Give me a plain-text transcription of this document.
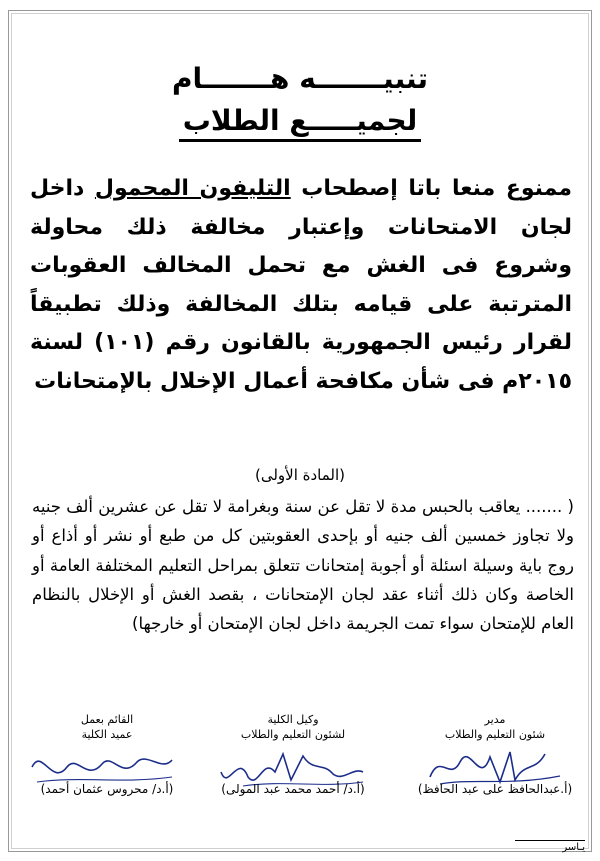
تنبيـــــــه هـــــــام
لجميـــــع الطلاب
ممنوع منعا باتا إصطحاب التليفون المحمول داخل لجان الامتحانات وإعتبار مخالفة ذلك محاولة وشروع فى الغش مع تحمل المخالف العقوبات المترتبة على قيامه بتلك المخالفة وذلك تطبيقاً لقرار رئيس الجمهورية بالقانون رقم (١٠١) لسنة ٢٠١٥م فى شأن مكافحة أعمال الإخلال بالإمتحانات
(المادة الأولى)
( ....... يعاقب بالحبس مدة لا تقل عن سنة وبغرامة لا تقل عن عشرين ألف جنيه ولا تجاوز خمسين ألف جنيه أو بإحدى العقوبتين كل من طبع أو نشر أو أذاع أو روج باية وسيلة اسئلة أو أجوبة إمتحانات تتعلق بمراحل التعليم المختلفة العامة أو الخاصة وكان ذلك أثناء عقد لجان الإمتحانات ، بقصد الغش أو الإخلال بالنظام العام للإمتحان سواء تمت الجريمة داخل لجان الإمتحان أو خارجها)
مدير
شئون التعليم والطلاب
(أ.عبدالحافظ على عبد الحافظ)
وكيل الكلية
لشئون التعليم والطلاب
(أ.د/ أحمد محمد عبد المولى)
القائم بعمل
عميد الكلية
(أ.د/ محروس عثمان أحمد)
يـاسر
